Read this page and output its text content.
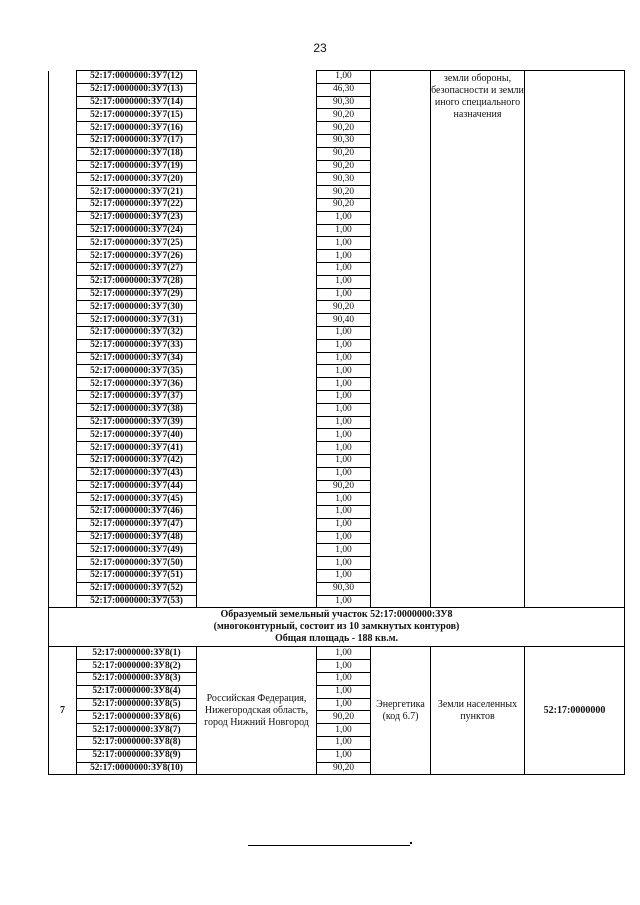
23
	52:17:0000000:ЗУ7(12)		1,00		земли обороны, безопасности и земли иного специального назначения	
	52:17:0000000:ЗУ7(13)		46,30			
	52:17:0000000:ЗУ7(14)		90,30			
	52:17:0000000:ЗУ7(15)		90,20			
	52:17:0000000:ЗУ7(16)		90,20			
	52:17:0000000:ЗУ7(17)		90,30			
	52:17:0000000:ЗУ7(18)		90,20			
	52:17:0000000:ЗУ7(19)		90,20			
	52:17:0000000:ЗУ7(20)		90,30			
	52:17:0000000:ЗУ7(21)		90,20			
	52:17:0000000:ЗУ7(22)		90,20			
	52:17:0000000:ЗУ7(23)		1,00			
	52:17:0000000:ЗУ7(24)		1,00			
	52:17:0000000:ЗУ7(25)		1,00			
	52:17:0000000:ЗУ7(26)		1,00			
	52:17:0000000:ЗУ7(27)		1,00			
	52:17:0000000:ЗУ7(28)		1,00			
	52:17:0000000:ЗУ7(29)		1,00			
	52:17:0000000:ЗУ7(30)		90,20			
	52:17:0000000:ЗУ7(31)		90,40			
	52:17:0000000:ЗУ7(32)		1,00			
	52:17:0000000:ЗУ7(33)		1,00			
	52:17:0000000:ЗУ7(34)		1,00			
	52:17:0000000:ЗУ7(35)		1,00			
	52:17:0000000:ЗУ7(36)		1,00			
	52:17:0000000:ЗУ7(37)		1,00			
	52:17:0000000:ЗУ7(38)		1,00			
	52:17:0000000:ЗУ7(39)		1,00			
	52:17:0000000:ЗУ7(40)		1,00			
	52:17:0000000:ЗУ7(41)		1,00			
	52:17:0000000:ЗУ7(42)		1,00			
	52:17:0000000:ЗУ7(43)		1,00			
	52:17:0000000:ЗУ7(44)		90,20			
	52:17:0000000:ЗУ7(45)		1,00			
	52:17:0000000:ЗУ7(46)		1,00			
	52:17:0000000:ЗУ7(47)		1,00			
	52:17:0000000:ЗУ7(48)		1,00			
	52:17:0000000:ЗУ7(49)		1,00			
	52:17:0000000:ЗУ7(50)		1,00			
	52:17:0000000:ЗУ7(51)		1,00			
	52:17:0000000:ЗУ7(52)		90,30			
	52:17:0000000:ЗУ7(53)		1,00			

Образуемый земельный участок 52:17:0000000:ЗУ8
(многоконтурный, состоит из 10 замкнутых контуров)
Общая площадь - 188 кв.м.						

7	52:17:0000000:ЗУ8(1)	Российская Федерация, Нижегородская область, город Нижний Новгород	1,00	Энергетика (код 6.7)	Земли населенных пунктов	52:17:0000000
	52:17:0000000:ЗУ8(2)		1,00			
	52:17:0000000:ЗУ8(3)		1,00			
	52:17:0000000:ЗУ8(4)		1,00			
	52:17:0000000:ЗУ8(5)		1,00			
	52:17:0000000:ЗУ8(6)		90,20			
	52:17:0000000:ЗУ8(7)		1,00			
	52:17:0000000:ЗУ8(8)		1,00			
	52:17:0000000:ЗУ8(9)		1,00			
	52:17:0000000:ЗУ8(10)		90,20			
